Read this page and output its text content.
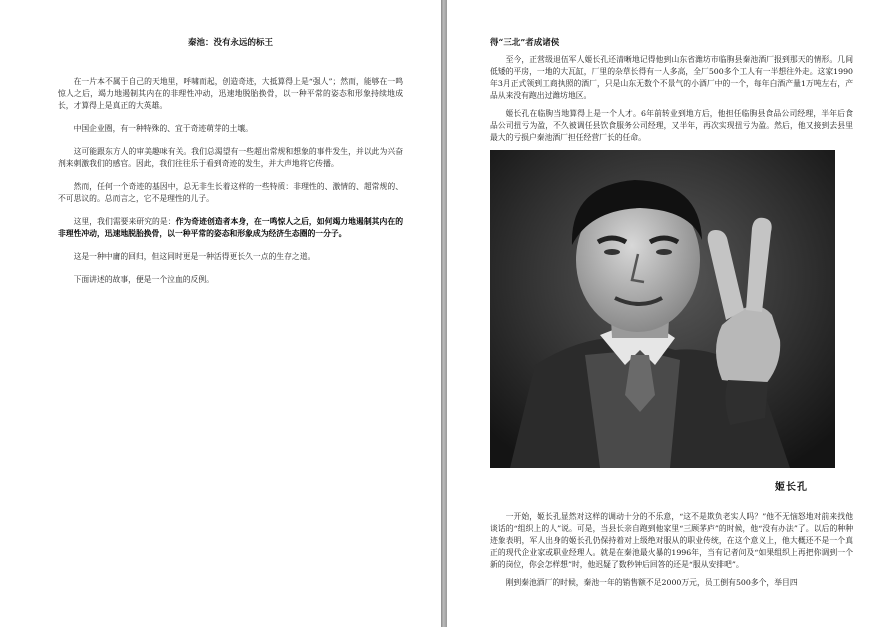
秦池：没有永远的标王

在一片本不属于自己的天地里，呼啸而起，创造奇迹，大抵算得上是“强人”；然而，能够在一鸣惊人之后，竭力地遏制其内在的非理性冲动，迅速地脱胎换骨，以一种平常的姿态和形象持续地成长，才算得上是真正的大英雄。

中国企业圈，有一种特殊的、宜于奇迹萌芽的土壤。

这可能跟东方人的审美趣味有关。我们总渴望有一些超出常规和想象的事件发生，并以此为兴奋剂来刺激我们的感官。因此，我们往往乐于看到奇迹的发生，并大声地将它传播。

然而，任何一个奇迹的基因中，总无非生长着这样的一些特质：非理性的、激情的、超常规的、不可思议的。总而言之，它不是理性的儿子。

这里，我们需要来研究的是：作为奇迹创造者本身，在一鸣惊人之后，如何竭力地遏制其内在的非理性冲动，迅速地脱胎换骨，以一种平常的姿态和形象成为经济生态圈的一分子。

这是一种中庸的回归，但这同时更是一种活得更长久一点的生存之道。

下面讲述的故事，便是一个泣血的反例。

得“三北”者成诸侯

至今，正营级退伍军人姬长孔还清晰地记得他到山东省潍坊市临朐县秦池酒厂报到那天的情形。几间低矮的平房，一地的大瓦缸，厂里的杂草长得有一人多高，全厂500多个工人有一半想往外走。这家1990年3月正式领到工商执照的酒厂，只是山东无数个不景气的小酒厂中的一个，每年白酒产量1万吨左右，产品从来没有跑出过潍坊地区。

姬长孔在临朐当地算得上是一个人才。6年前转业到地方后，他担任临朐县食品公司经理，半年后食品公司扭亏为盈，不久被调任县饮食服务公司经理，又半年，再次实现扭亏为盈。然后，他又接到去县里最大的亏损户秦池酒厂担任经营厂长的任命。

姬长孔

一开始，姬长孔显然对这样的调动十分的不乐意，“这不是欺负老实人吗？”他不无恼怒地对前来找他谈话的“组织上的人”说。可是，当县长亲自跑到他家里“三顾茅庐”的时候，他“没有办法”了。以后的种种迹象表明，军人出身的姬长孔仍保持着对上级绝对服从的职业传统，在这个意义上，他大概还不是一个真正的现代企业家或职业经理人。就是在秦池最火暴的1996年，当有记者问及“如果组织上再把你调到一个新的岗位，你会怎样想”时，他迟疑了数秒钟后回答的还是“服从安排吧”。

刚到秦池酒厂的时候，秦池一年的销售额不足2000万元，员工倒有500多个，举目四
